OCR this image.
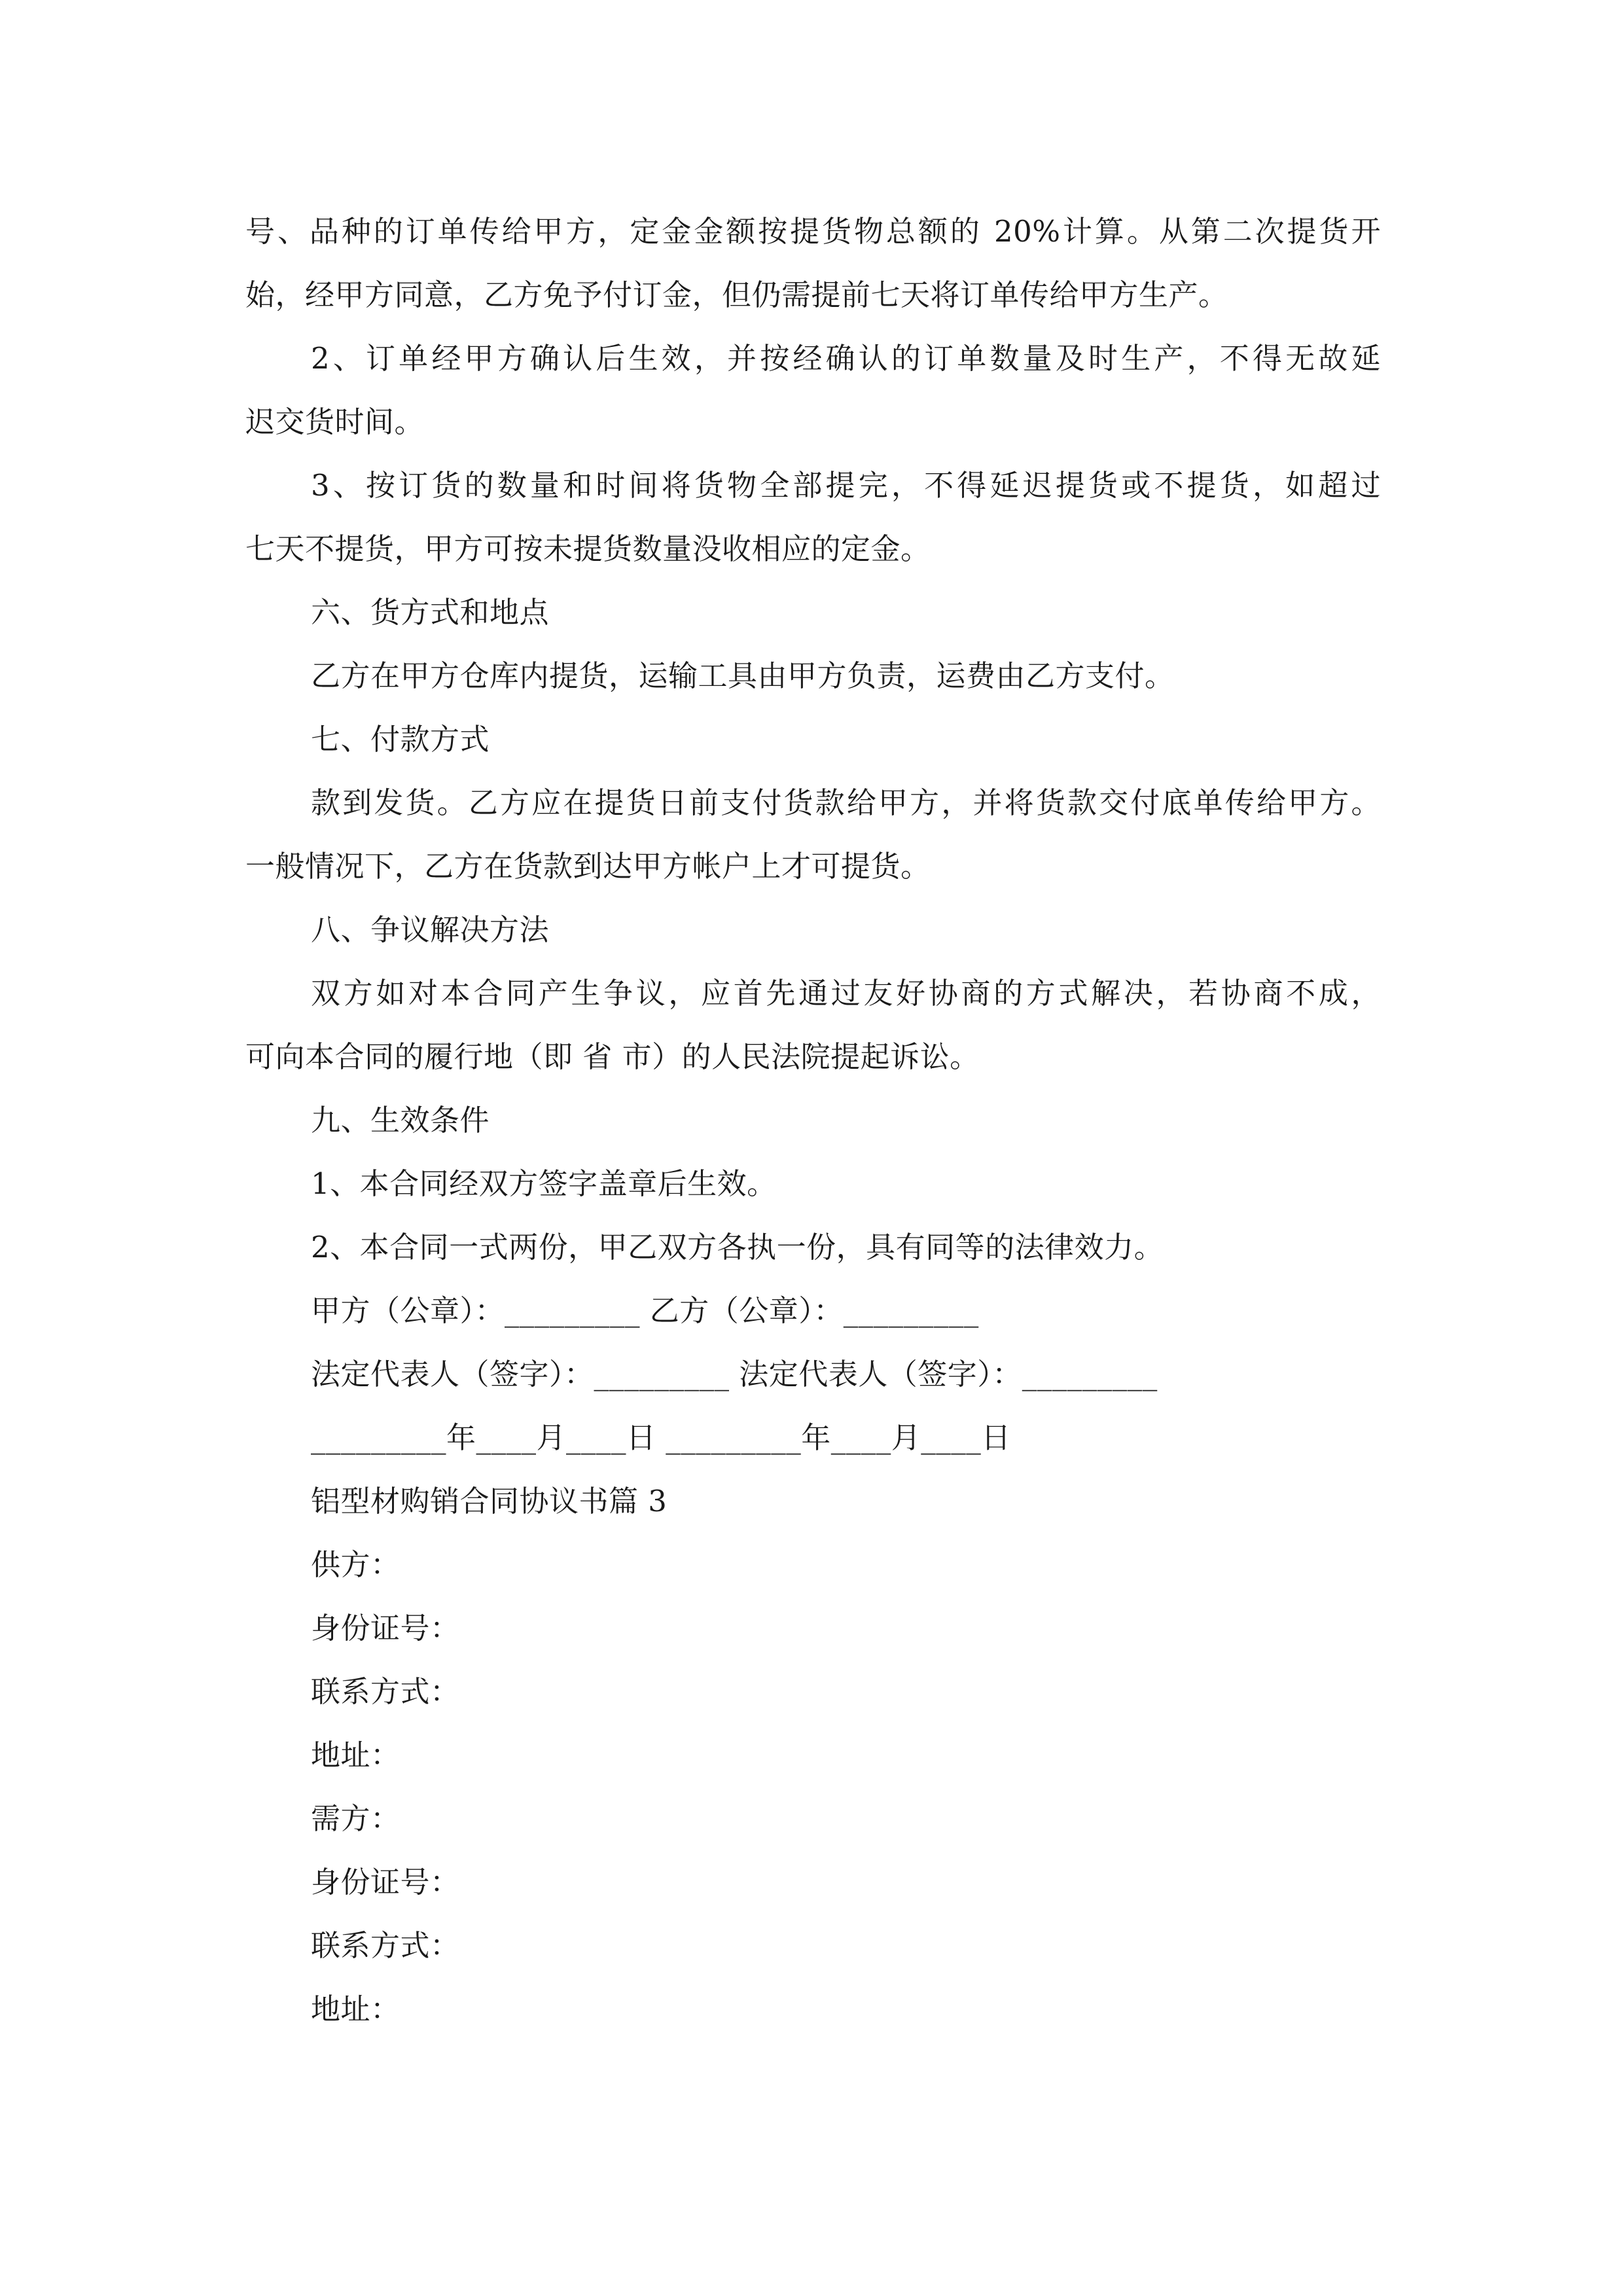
号、品种的订单传给甲方，定金金额按提货物总额的 20%计算。从第二次提货开
始，经甲方同意，乙方免予付订金，但仍需提前七天将订单传给甲方生产。
2、订单经甲方确认后生效，并按经确认的订单数量及时生产，不得无故延
迟交货时间。
3、按订货的数量和时间将货物全部提完，不得延迟提货或不提货，如超过
七天不提货，甲方可按未提货数量没收相应的定金。
六、货方式和地点
乙方在甲方仓库内提货，运输工具由甲方负责，运费由乙方支付。
七、付款方式
款到发货。乙方应在提货日前支付货款给甲方，并将货款交付底单传给甲方。
一般情况下，乙方在货款到达甲方帐户上才可提货。
八、争议解决方法
双方如对本合同产生争议，应首先通过友好协商的方式解决，若协商不成，
可向本合同的履行地（即 省 市）的人民法院提起诉讼。
九、生效条件
1、本合同经双方签字盖章后生效。
2、本合同一式两份，甲乙双方各执一份，具有同等的法律效力。
甲方（公章）：_________ 乙方（公章）：_________
法定代表人（签字）：_________ 法定代表人（签字）：_________
_________年____月____日 _________年____月____日
铝型材购销合同协议书篇 3
供方：
身份证号：
联系方式：
地址：
需方：
身份证号：
联系方式：
地址：
